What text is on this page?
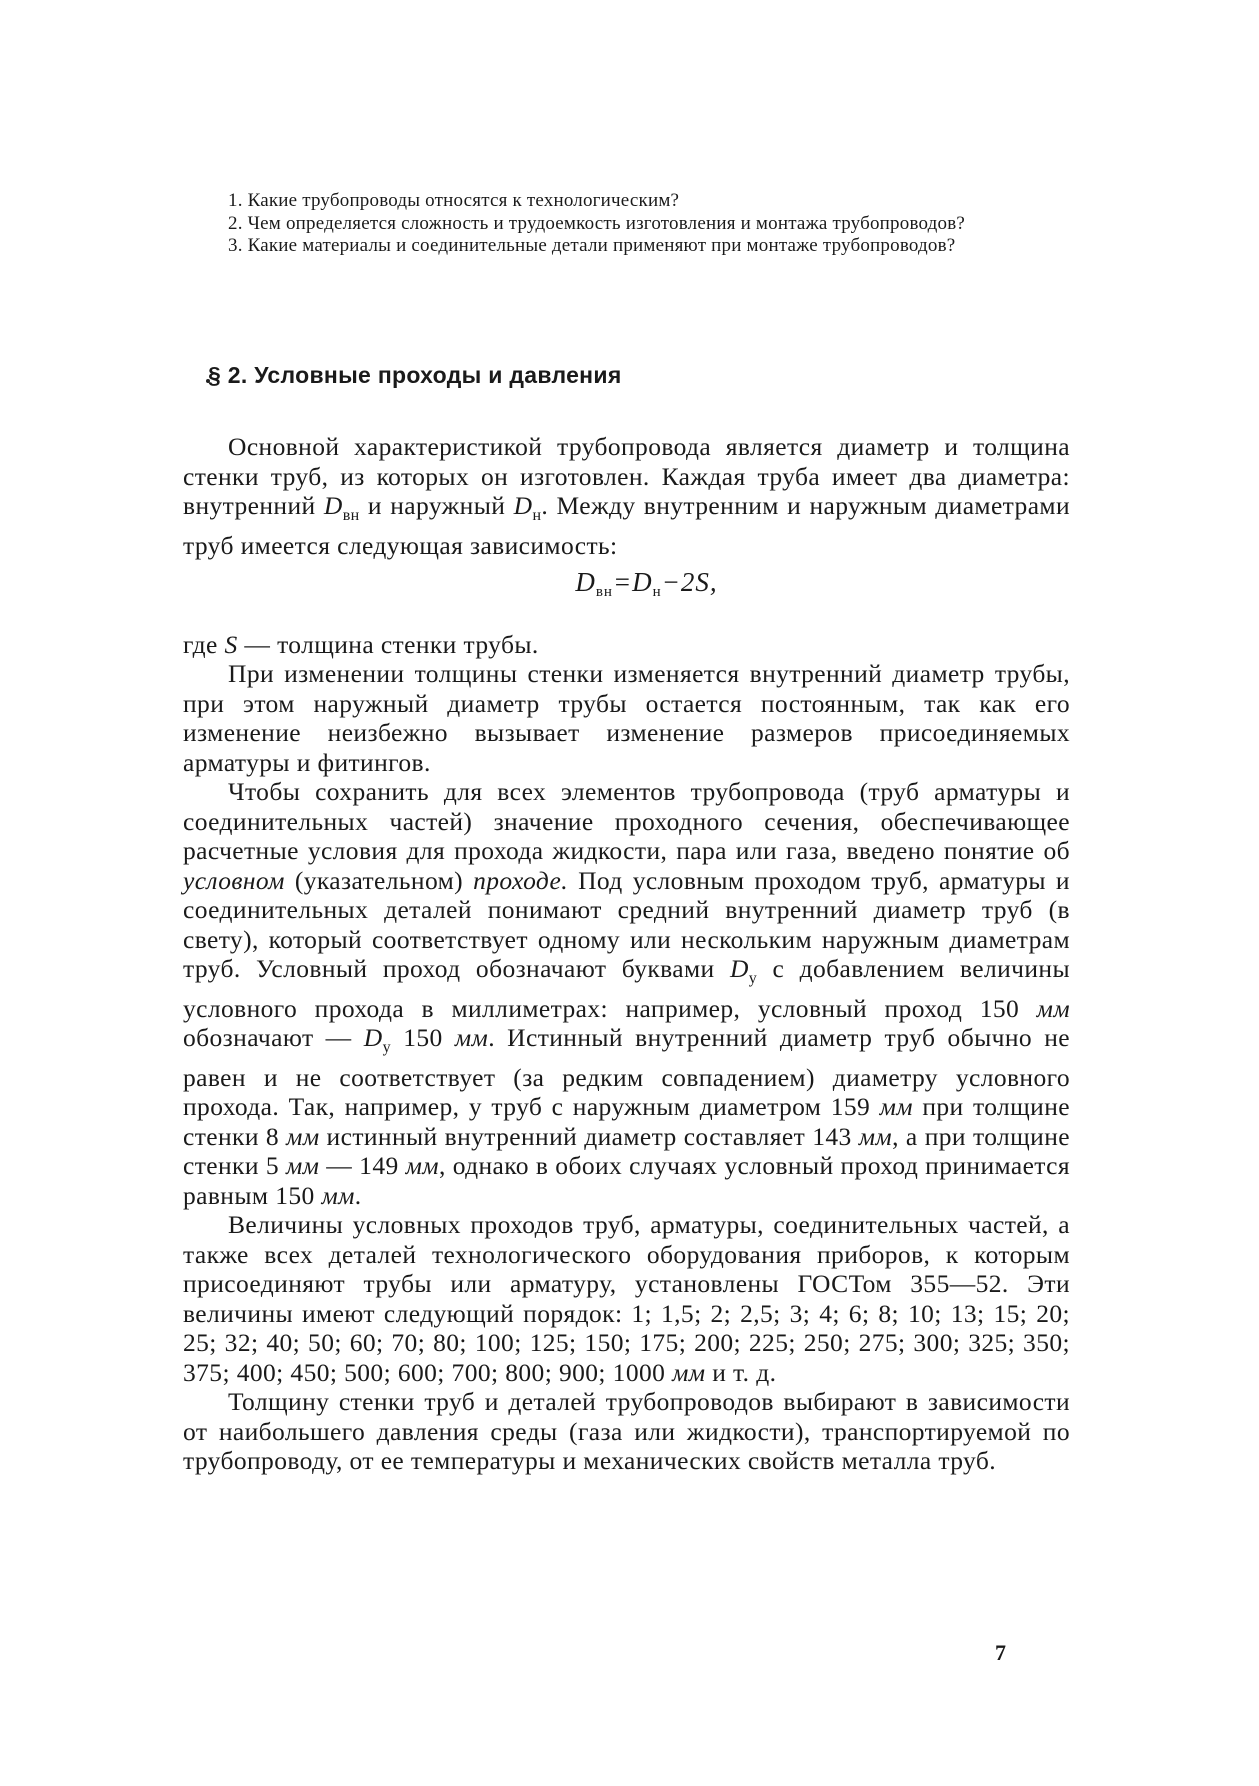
1. Какие трубопроводы относятся к технологическим?

2. Чем определяется сложность и трудоемкость изготовления и монтажа трубопроводов?

3. Какие материалы и соединительные детали применяют при монтаже трубопроводов?

§ 2. Условные проходы и давления

Основной характеристикой трубопровода является диаметр и толщина стенки труб, из которых он изготовлен. Каждая труба имеет два диаметра: внутренний $D_{вн}$ и наружный $D_н$. Между внутренним и наружным диаметрами труб имеется следующая зависимость:

$D_{вн}=D_н-2S$,

где S — толщина стенки трубы.

При изменении толщины стенки изменяется внутренний диаметр трубы, при этом наружный диаметр трубы остается постоянным, так как его изменение неизбежно вызывает изменение размеров присоединяемых арматуры и фитингов.

Чтобы сохранить для всех элементов трубопровода (труб арматуры и соединительных частей) значение проходного сечения, обеспечивающее расчетные условия для прохода жидкости, пара или газа, введено понятие об условном (указательном) проходе. Под условным проходом труб, арматуры и соединительных деталей понимают средний внутренний диаметр труб (в свету), который соответствует одному или нескольким наружным диаметрам труб. Условный проход обозначают буквами $D_у$ с добавлением величины условного прохода в миллиметрах: например, условный проход 150 мм обозначают — $D_у$ 150 мм. Истинный внутренний диаметр труб обычно не равен и не соответствует (за редким совпадением) диаметру условного прохода. Так, например, у труб с наружным диаметром 159 мм при толщине стенки 8 мм истинный внутренний диаметр составляет 143 мм, а при толщине стенки 5 мм — 149 мм, однако в обоих случаях условный проход принимается равным 150 мм.

Величины условных проходов труб, арматуры, соединительных частей, а также всех деталей технологического оборудования приборов, к которым присоединяют трубы или арматуру, установлены ГОСТом 355—52. Эти величины имеют следующий порядок: 1; 1,5; 2; 2,5; 3; 4; 6; 8; 10; 13; 15; 20; 25; 32; 40; 50; 60; 70; 80; 100; 125; 150; 175; 200; 225; 250; 275; 300; 325; 350; 375; 400; 450; 500; 600; 700; 800; 900; 1000 мм и т. д.

Толщину стенки труб и деталей трубопроводов выбирают в зависимости от наибольшего давления среды (газа или жидкости), транспортируемой по трубопроводу, от ее температуры и механических свойств металла труб.

7
